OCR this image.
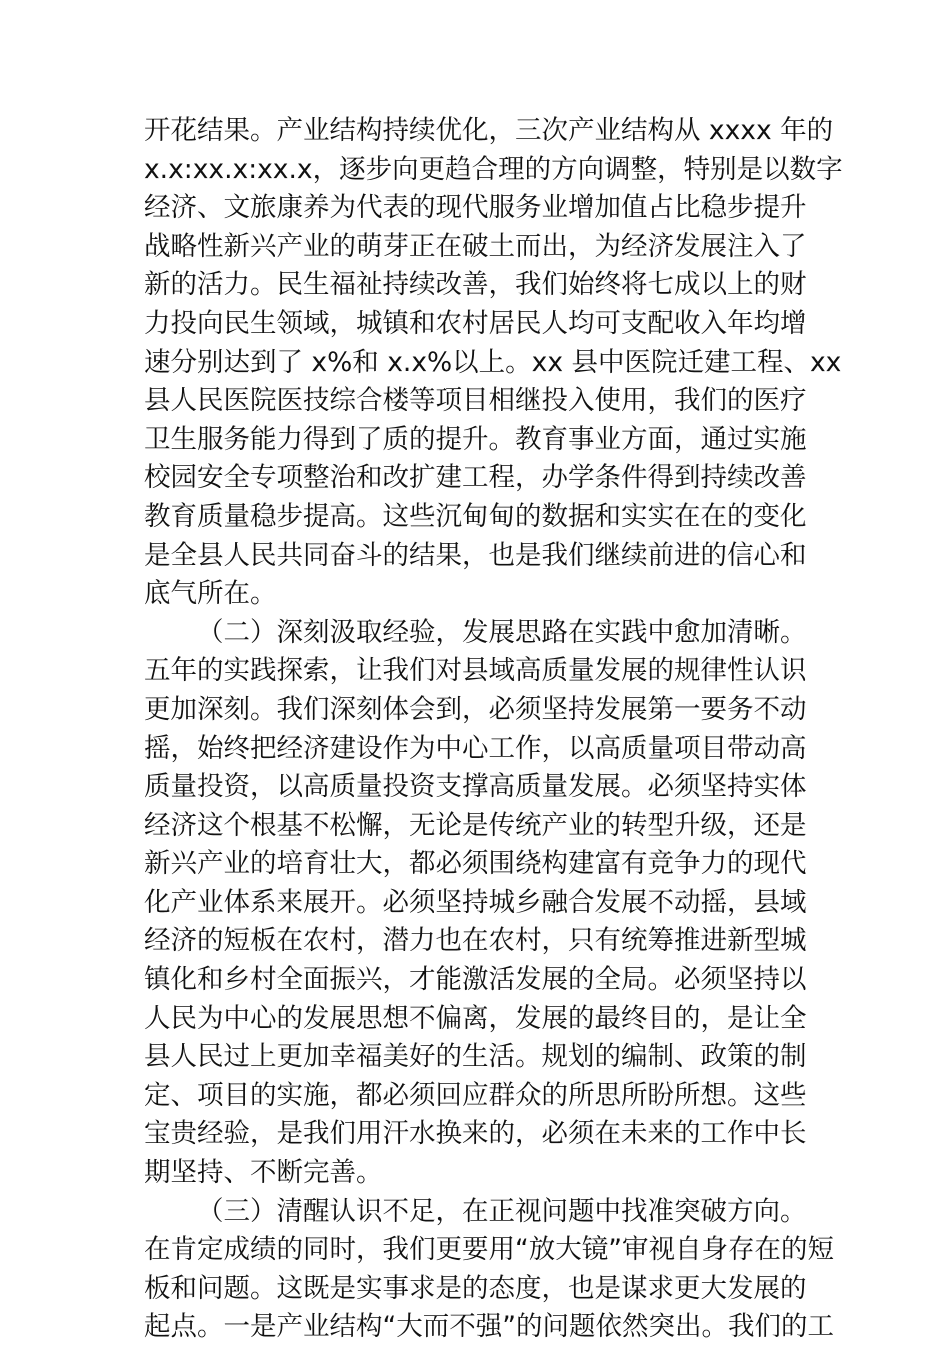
开花结果。产业结构持续优化，三次产业结构从 xxxx 年的
x.x:xx.x:xx.x，逐步向更趋合理的方向调整，特别是以数字
经济、文旅康养为代表的现代服务业增加值占比稳步提升
战略性新兴产业的萌芽正在破土而出，为经济发展注入了
新的活力。民生福祉持续改善，我们始终将七成以上的财
力投向民生领域，城镇和农村居民人均可支配收入年均增
速分别达到了 x%和 x.x%以上。xx 县中医院迁建工程、xx
县人民医院医技综合楼等项目相继投入使用，我们的医疗
卫生服务能力得到了质的提升。教育事业方面，通过实施
校园安全专项整治和改扩建工程，办学条件得到持续改善
教育质量稳步提高。这些沉甸甸的数据和实实在在的变化
是全县人民共同奋斗的结果，也是我们继续前进的信心和
底气所在。
（二）深刻汲取经验，发展思路在实践中愈加清晰。
五年的实践探索，让我们对县域高质量发展的规律性认识
更加深刻。我们深刻体会到，必须坚持发展第一要务不动
摇，始终把经济建设作为中心工作，以高质量项目带动高
质量投资，以高质量投资支撑高质量发展。必须坚持实体
经济这个根基不松懈，无论是传统产业的转型升级，还是
新兴产业的培育壮大，都必须围绕构建富有竞争力的现代
化产业体系来展开。必须坚持城乡融合发展不动摇，县域
经济的短板在农村，潜力也在农村，只有统筹推进新型城
镇化和乡村全面振兴，才能激活发展的全局。必须坚持以
人民为中心的发展思想不偏离，发展的最终目的，是让全
县人民过上更加幸福美好的生活。规划的编制、政策的制
定、项目的实施，都必须回应群众的所思所盼所想。这些
宝贵经验，是我们用汗水换来的，必须在未来的工作中长
期坚持、不断完善。
（三）清醒认识不足，在正视问题中找准突破方向。
在肯定成绩的同时，我们更要用“放大镜”审视自身存在的短
板和问题。这既是实事求是的态度，也是谋求更大发展的
起点。一是产业结构“大而不强”的问题依然突出。我们的工
